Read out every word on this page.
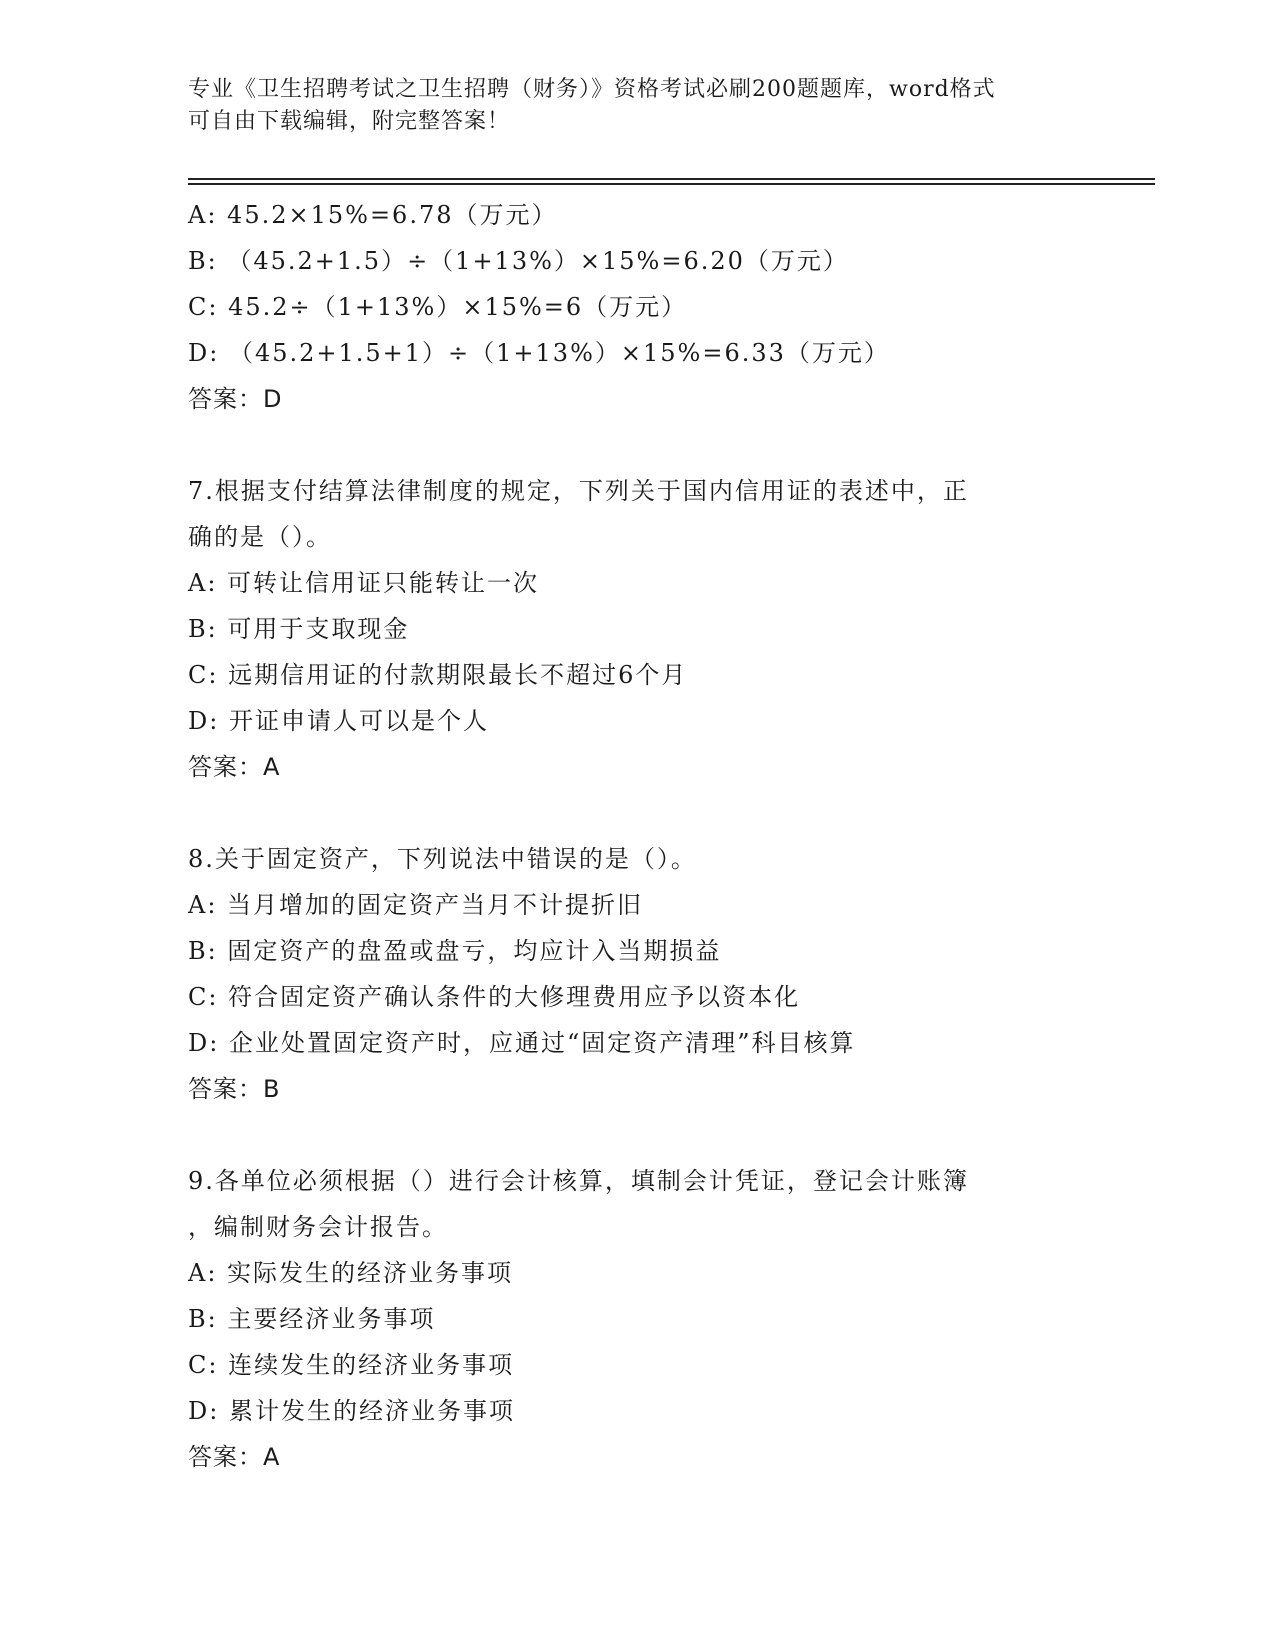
专业《卫生招聘考试之卫生招聘（财务）》资格考试必刷200题题库，word格式
可自由下载编辑，附完整答案！
A: 45.2×15%=6.78（万元）
B: （45.2+1.5）÷（1+13%）×15%=6.20（万元）
C: 45.2÷（1+13%）×15%=6（万元）
D: （45.2+1.5+1）÷（1+13%）×15%=6.33（万元）
答案：D
7.根据支付结算法律制度的规定，下列关于国内信用证的表述中，正
确的是（）。
A: 可转让信用证只能转让一次
B: 可用于支取现金
C: 远期信用证的付款期限最长不超过6个月
D: 开证申请人可以是个人
答案：A
8.关于固定资产，下列说法中错误的是（）。
A: 当月增加的固定资产当月不计提折旧
B: 固定资产的盘盈或盘亏，均应计入当期损益
C: 符合固定资产确认条件的大修理费用应予以资本化
D: 企业处置固定资产时，应通过“固定资产清理”科目核算
答案：B
9.各单位必须根据（）进行会计核算，填制会计凭证，登记会计账簿
，编制财务会计报告。
A: 实际发生的经济业务事项
B: 主要经济业务事项
C: 连续发生的经济业务事项
D: 累计发生的经济业务事项
答案：A
